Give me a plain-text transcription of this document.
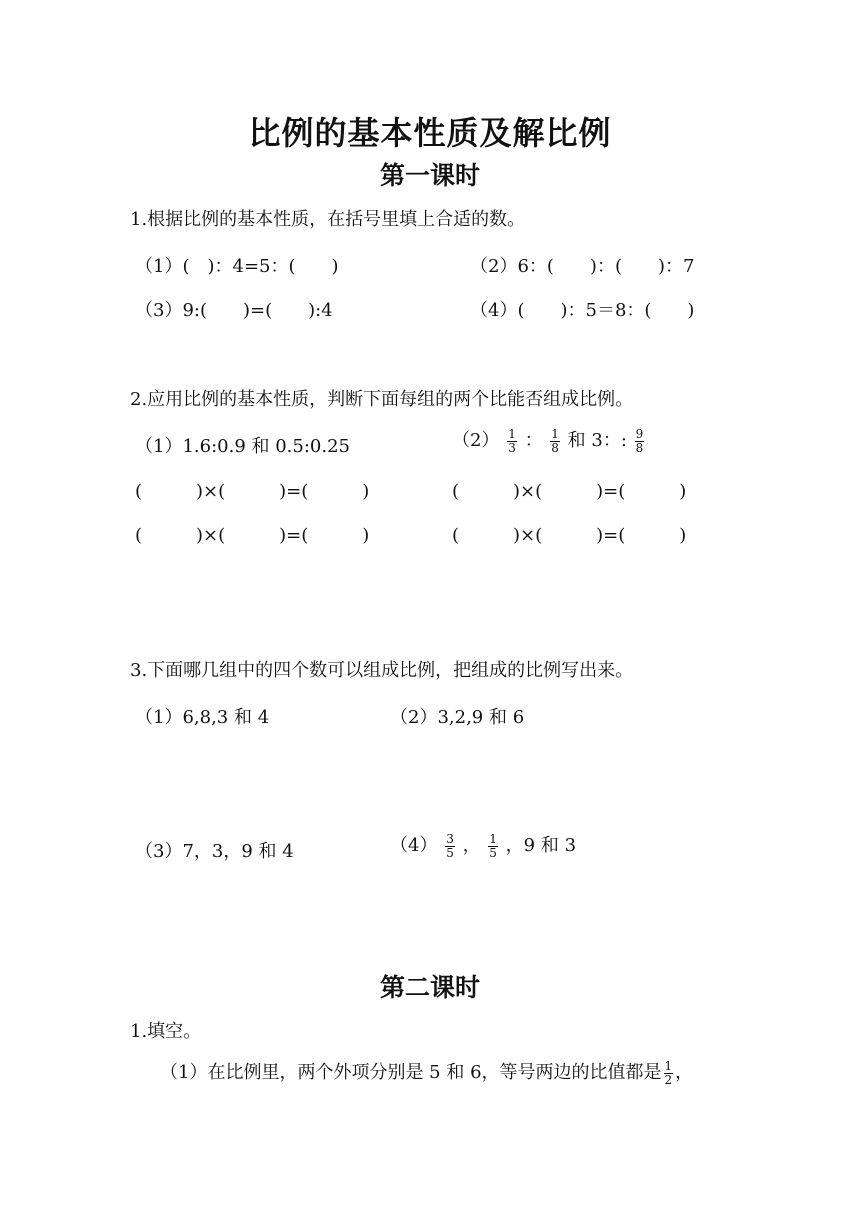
比例的基本性质及解比例
第一课时
1.根据比例的基本性质，在括号里填上合适的数。
（1）(　)：4=5：(　　)	（2）6：(　　)：(　　)：7
（3）9:(　　)=(　　):4	（4）(　　)：5＝8：(　　)
2.应用比例的基本性质，判断下面每组的两个比能否组成比例。
（1）1.6:0.9 和 0.5:0.25	$(2) \frac{1}{3}$ ： $\frac{1}{8}$ 和 3：: $\frac{9}{8}$
(　　　)×(　　　)=(　　　)	(　　　)×(　　　)=(　　　)
(　　　)×(　　　)=(　　　)	(　　　)×(　　　)=(　　　)
3.下面哪几组中的四个数可以组成比例，把组成的比例写出来。
（1）6,8,3 和 4	（2）3,2,9 和 6
（3）7，3，9 和 4	$(4) \frac{3}{5}$ ， $\frac{1}{5}$ ，9 和 3
第二课时
1.填空。
（1）在比例里，两个外项分别是 5 和 6，等号两边的比值都是 $\frac{1}{2}$ ，
